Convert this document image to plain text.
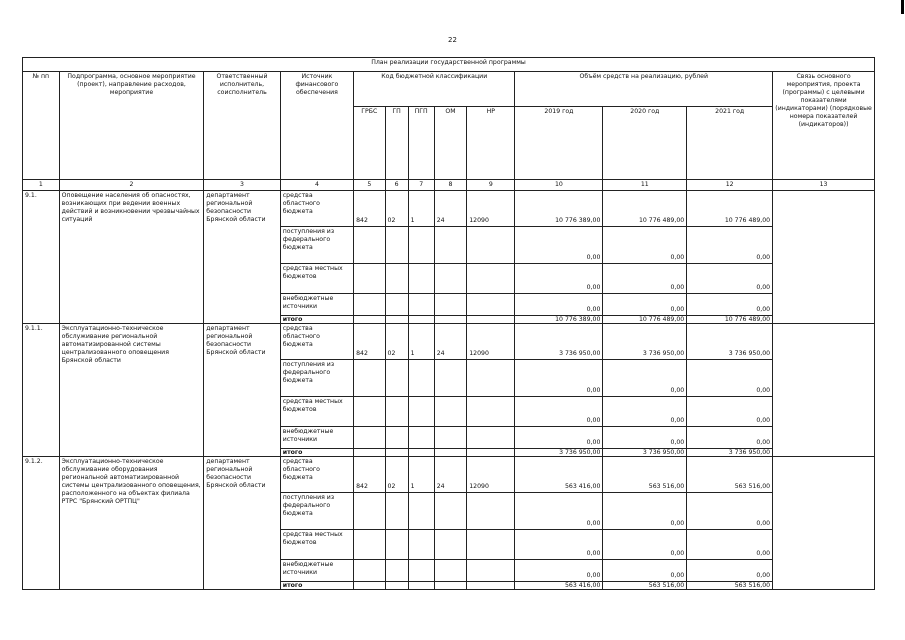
22
План реализации государственной программы												
№ пп	Подпрограмма, основное мероприятие (проект), направление расходов, мероприятие	Ответственный исполнитель, соисполнитель	Источник финансового обеспечения	Код бюджетной классификации					Объём средств на реализацию, рублей			Связь основного мероприятия, проекта (программы) с целевыми показателями (индикаторами) (порядковые номера показателей (индикаторов))
				ГРБС	ГП	ПГП	ОМ	НР	2019 год	2020 год	2021 год	
1	2	3	4	5	6	7	8	9	10	11	12	13
9.1.	Оповещение населения об опасностях, возникающих при ведении военных действий и возникновении чрезвычайных ситуаций	департамент региональной безопасности Брянской области	средства областного бюджета	842	02	1	24	12090	10 776 389,00	10 776 489,00	10 776 489,00	
			поступления из федерального бюджета						0,00	0,00	0,00	
			средства местных бюджетов						0,00	0,00	0,00	
			внебюджетные источники						0,00	0,00	0,00	
			итого						10 776 389,00	10 776 489,00	10 776 489,00	
9.1.1.	Эксплуатационно-техническое обслуживание региональной автоматизированной системы централизованного оповещения Брянской области	департамент региональной безопасности Брянской области	средства областного бюджета	842	02	1	24	12090	3 736 950,00	3 736 950,00	3 736 950,00	
			поступления из федерального бюджета						0,00	0,00	0,00	
			средства местных бюджетов						0,00	0,00	0,00	
			внебюджетные источники						0,00	0,00	0,00	
			итого						3 736 950,00	3 736 950,00	3 736 950,00	
9.1.2.	Эксплуатационно-техническое обслуживание оборудования региональной автоматизированной системы централизованного оповещения, расположенного на объектах филиала РТРС "Брянский ОРТПЦ"	департамент региональной безопасности Брянской области	средства областного бюджета	842	02	1	24	12090	563 416,00	563 516,00	563 516,00	
			поступления из федерального бюджета						0,00	0,00	0,00	
			средства местных бюджетов						0,00	0,00	0,00	
			внебюджетные источники						0,00	0,00	0,00	
			итого						563 416,00	563 516,00	563 516,00	
